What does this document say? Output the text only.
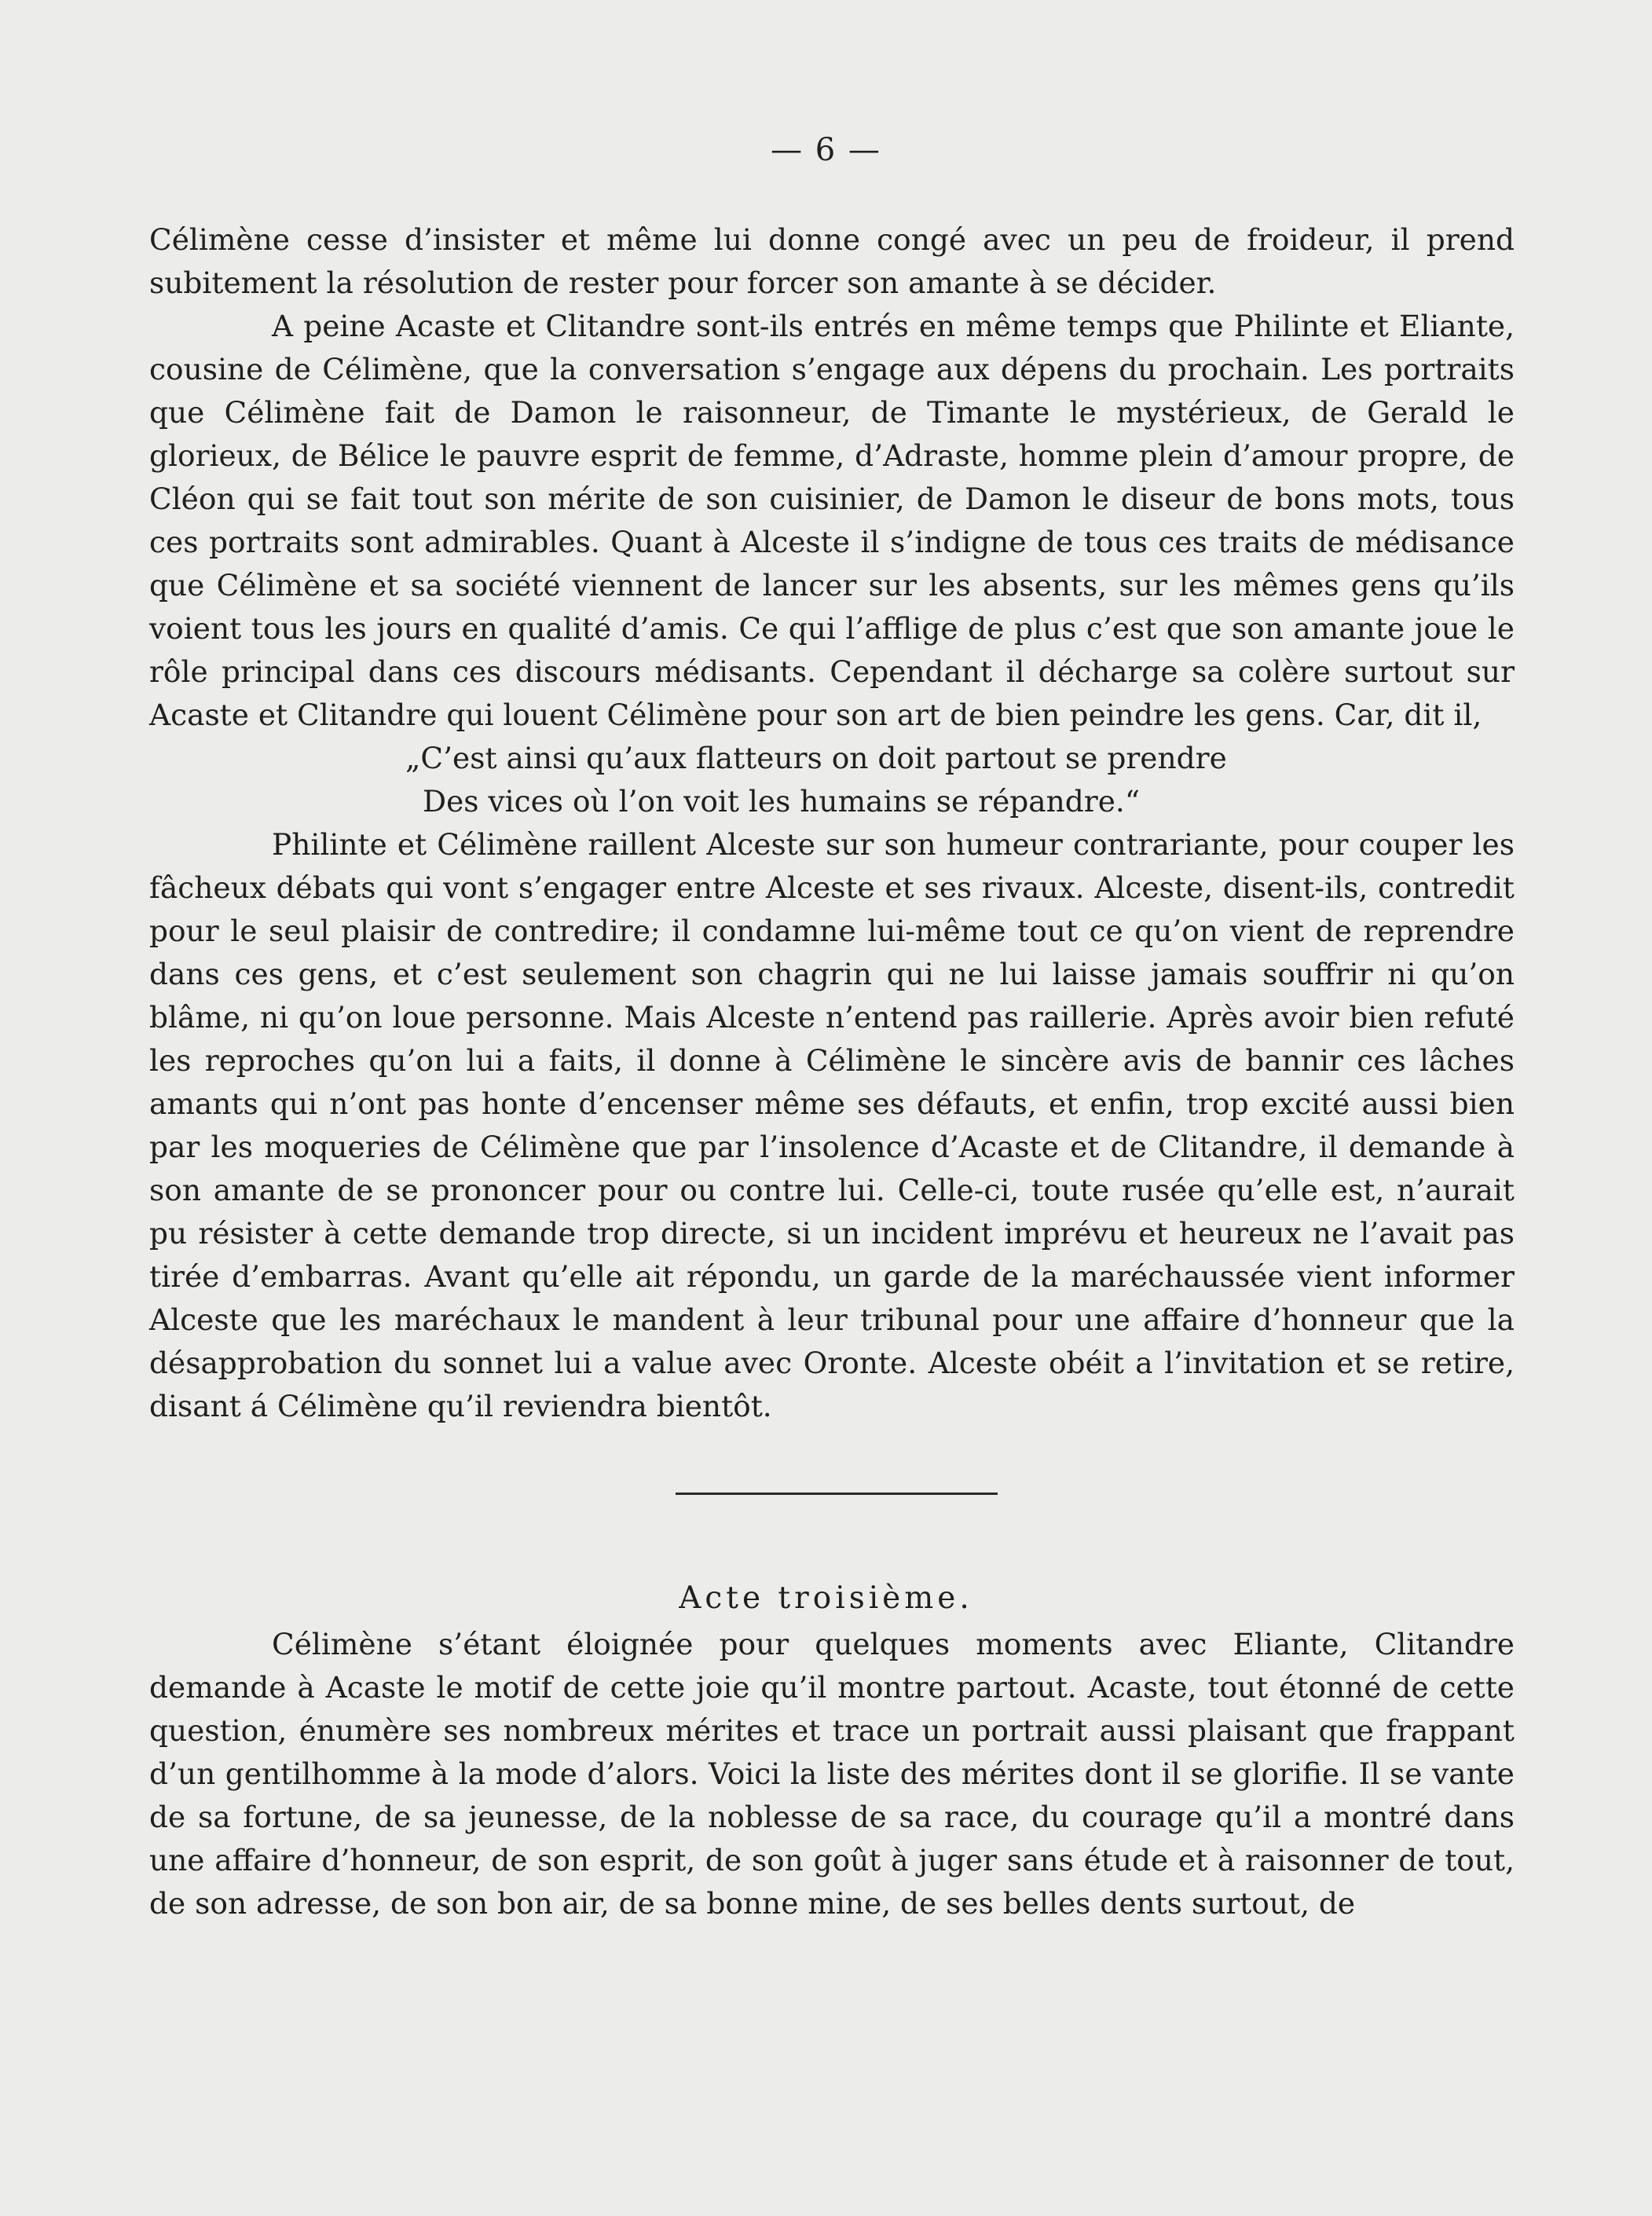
— 6 —

Célimène cesse d’insister et même lui donne congé avec un peu de froideur, il prend subitement la résolution de rester pour forcer son amante à se décider.

A peine Acaste et Clitandre sont-ils entrés en même temps que Philinte et Eliante, cousine de Célimène, que la conversation s’engage aux dépens du prochain. Les portraits que Célimène fait de Damon le raisonneur, de Timante le mystérieux, de Gerald le glorieux, de Bélice le pauvre esprit de femme, d’Adraste, homme plein d’amour propre, de Cléon qui se fait tout son mérite de son cuisinier, de Damon le diseur de bons mots, tous ces portraits sont admirables. Quant à Alceste il s’indigne de tous ces traits de médisance que Célimène et sa société viennent de lancer sur les absents, sur les mêmes gens qu’ils voient tous les jours en qualité d’amis. Ce qui l’afflige de plus c’est que son amante joue le rôle principal dans ces discours médisants. Cependant il décharge sa colère surtout sur Acaste et Clitandre qui louent Célimène pour son art de bien peindre les gens. Car, dit il,

„C’est ainsi qu’aux flatteurs on doit partout se prendre
Des vices où l’on voit les humains se répandre.“

Philinte et Célimène raillent Alceste sur son humeur contrariante, pour couper les fâcheux débats qui vont s’engager entre Alceste et ses rivaux. Alceste, disent-ils, contredit pour le seul plaisir de contredire; il condamne lui-même tout ce qu’on vient de reprendre dans ces gens, et c’est seulement son chagrin qui ne lui laisse jamais souffrir ni qu’on blâme, ni qu’on loue personne. Mais Alceste n’entend pas raillerie. Après avoir bien refuté les reproches qu’on lui a faits, il donne à Célimène le sincère avis de bannir ces lâches amants qui n’ont pas honte d’encenser même ses défauts, et enfin, trop excité aussi bien par les moqueries de Célimène que par l’insolence d’Acaste et de Clitandre, il demande à son amante de se prononcer pour ou contre lui. Celle-ci, toute rusée qu’elle est, n’aurait pu résister à cette demande trop directe, si un incident imprévu et heureux ne l’avait pas tirée d’embarras. Avant qu’elle ait répondu, un garde de la maréchaussée vient informer Alceste que les maréchaux le mandent à leur tribunal pour une affaire d’honneur que la désapprobation du sonnet lui a value avec Oronte. Alceste obéit a l’invitation et se retire, disant á Célimène qu’il reviendra bientôt.

Acte troisième.

Célimène s’étant éloignée pour quelques moments avec Eliante, Clitandre demande à Acaste le motif de cette joie qu’il montre partout. Acaste, tout étonné de cette question, énumère ses nombreux mérites et trace un portrait aussi plaisant que frappant d’un gentilhomme à la mode d’alors. Voici la liste des mérites dont il se glorifie. Il se vante de sa fortune, de sa jeunesse, de la noblesse de sa race, du courage qu’il a montré dans une affaire d’honneur, de son esprit, de son goût à juger sans étude et à raisonner de tout, de son adresse, de son bon air, de sa bonne mine, de ses belles dents surtout, de
